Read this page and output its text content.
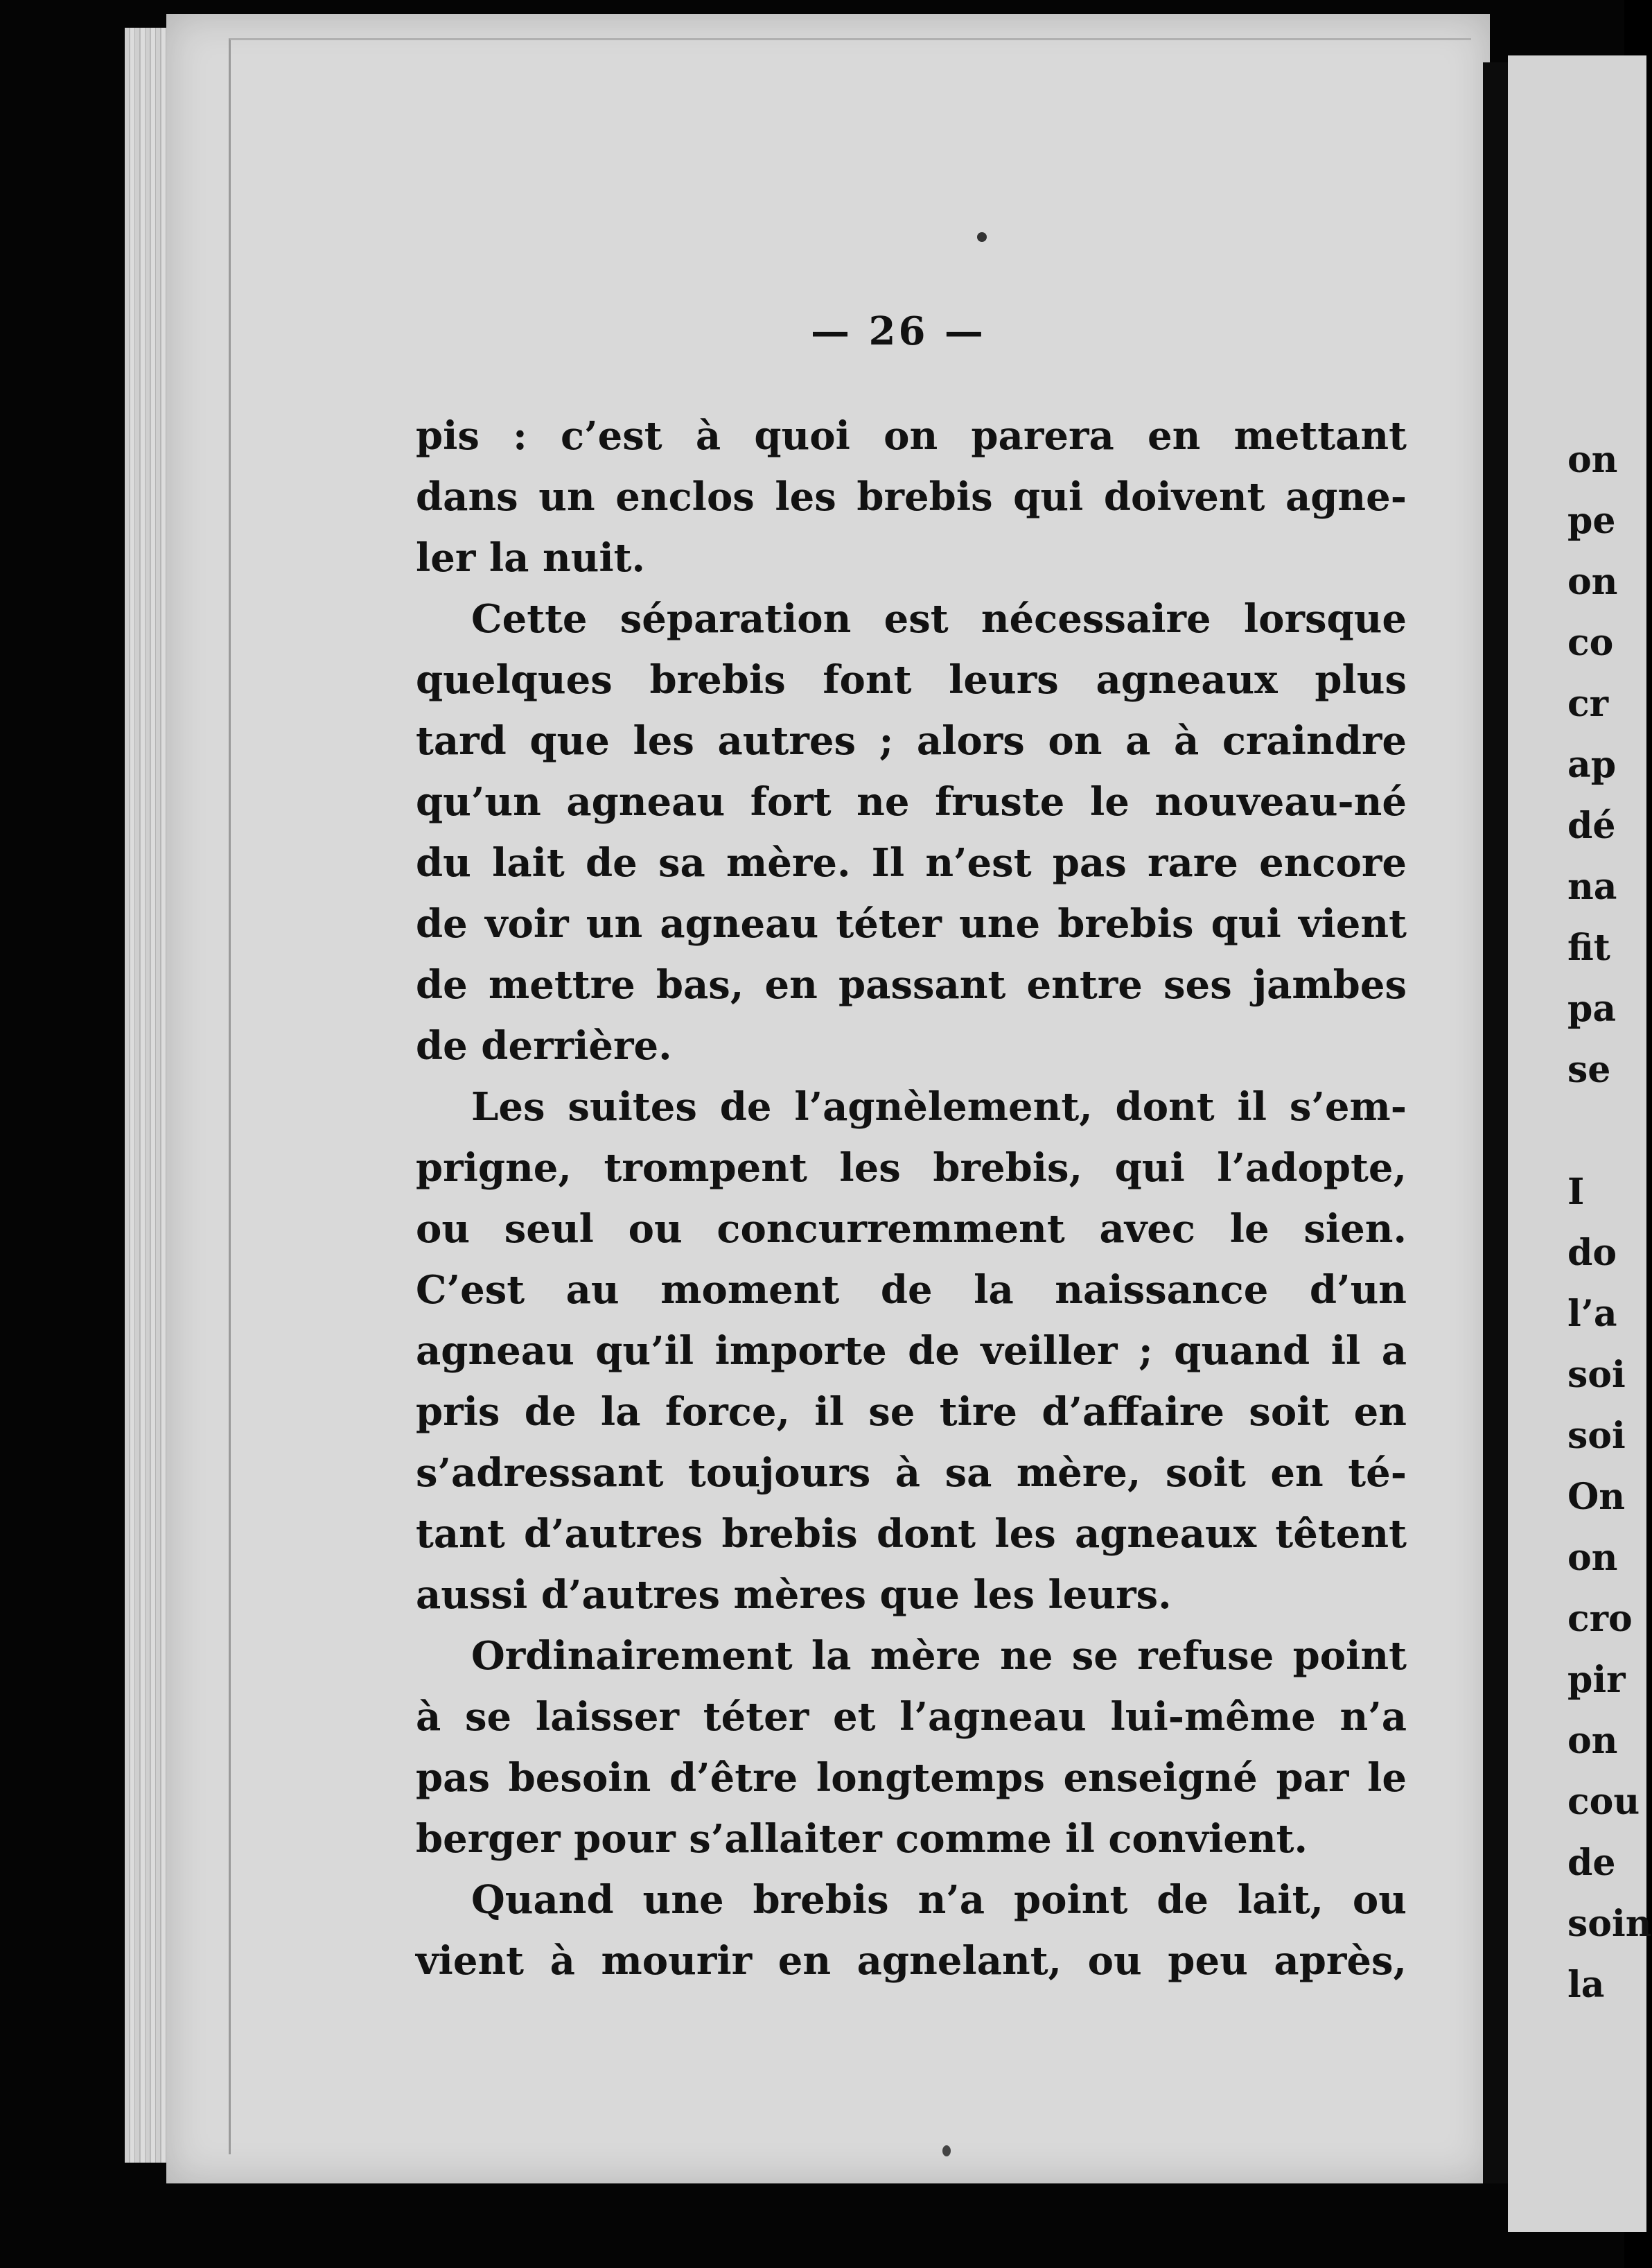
— 26 —
pis : c’est à quoi on parera en mettant
dans un enclos les brebis qui doivent agne-
ler la nuit.
Cette séparation est nécessaire lorsque
quelques brebis font leurs agneaux plus
tard que les autres ; alors on a à craindre
qu’un agneau fort ne fruste le nouveau-né
du lait de sa mère. Il n’est pas rare encore
de voir un agneau téter une brebis qui vient
de mettre bas, en passant entre ses jambes
de derrière.
Les suites de l’agnèlement, dont il s’em-
prigne, trompent les brebis, qui l’adopte,
ou seul ou concurremment avec le sien.
C’est au moment de la naissance d’un
agneau qu’il importe de veiller ; quand il a
pris de la force, il se tire d’affaire soit en
s’adressant toujours à sa mère, soit en té-
tant d’autres brebis dont les agneaux têtent
aussi d’autres mères que les leurs.
Ordinairement la mère ne se refuse point
à se laisser téter et l’agneau lui-même n’a
pas besoin d’être longtemps enseigné par le
berger pour s’allaiter comme il convient.
Quand une brebis n’a point de lait, ou
vient à mourir en agnelant, ou peu après,
on
pe
on
co
cr
ap
dé
na
fit
pa
se
I
do
l’a
soi
soi
On
on
cro
pir
on
cou
de
soin
la
